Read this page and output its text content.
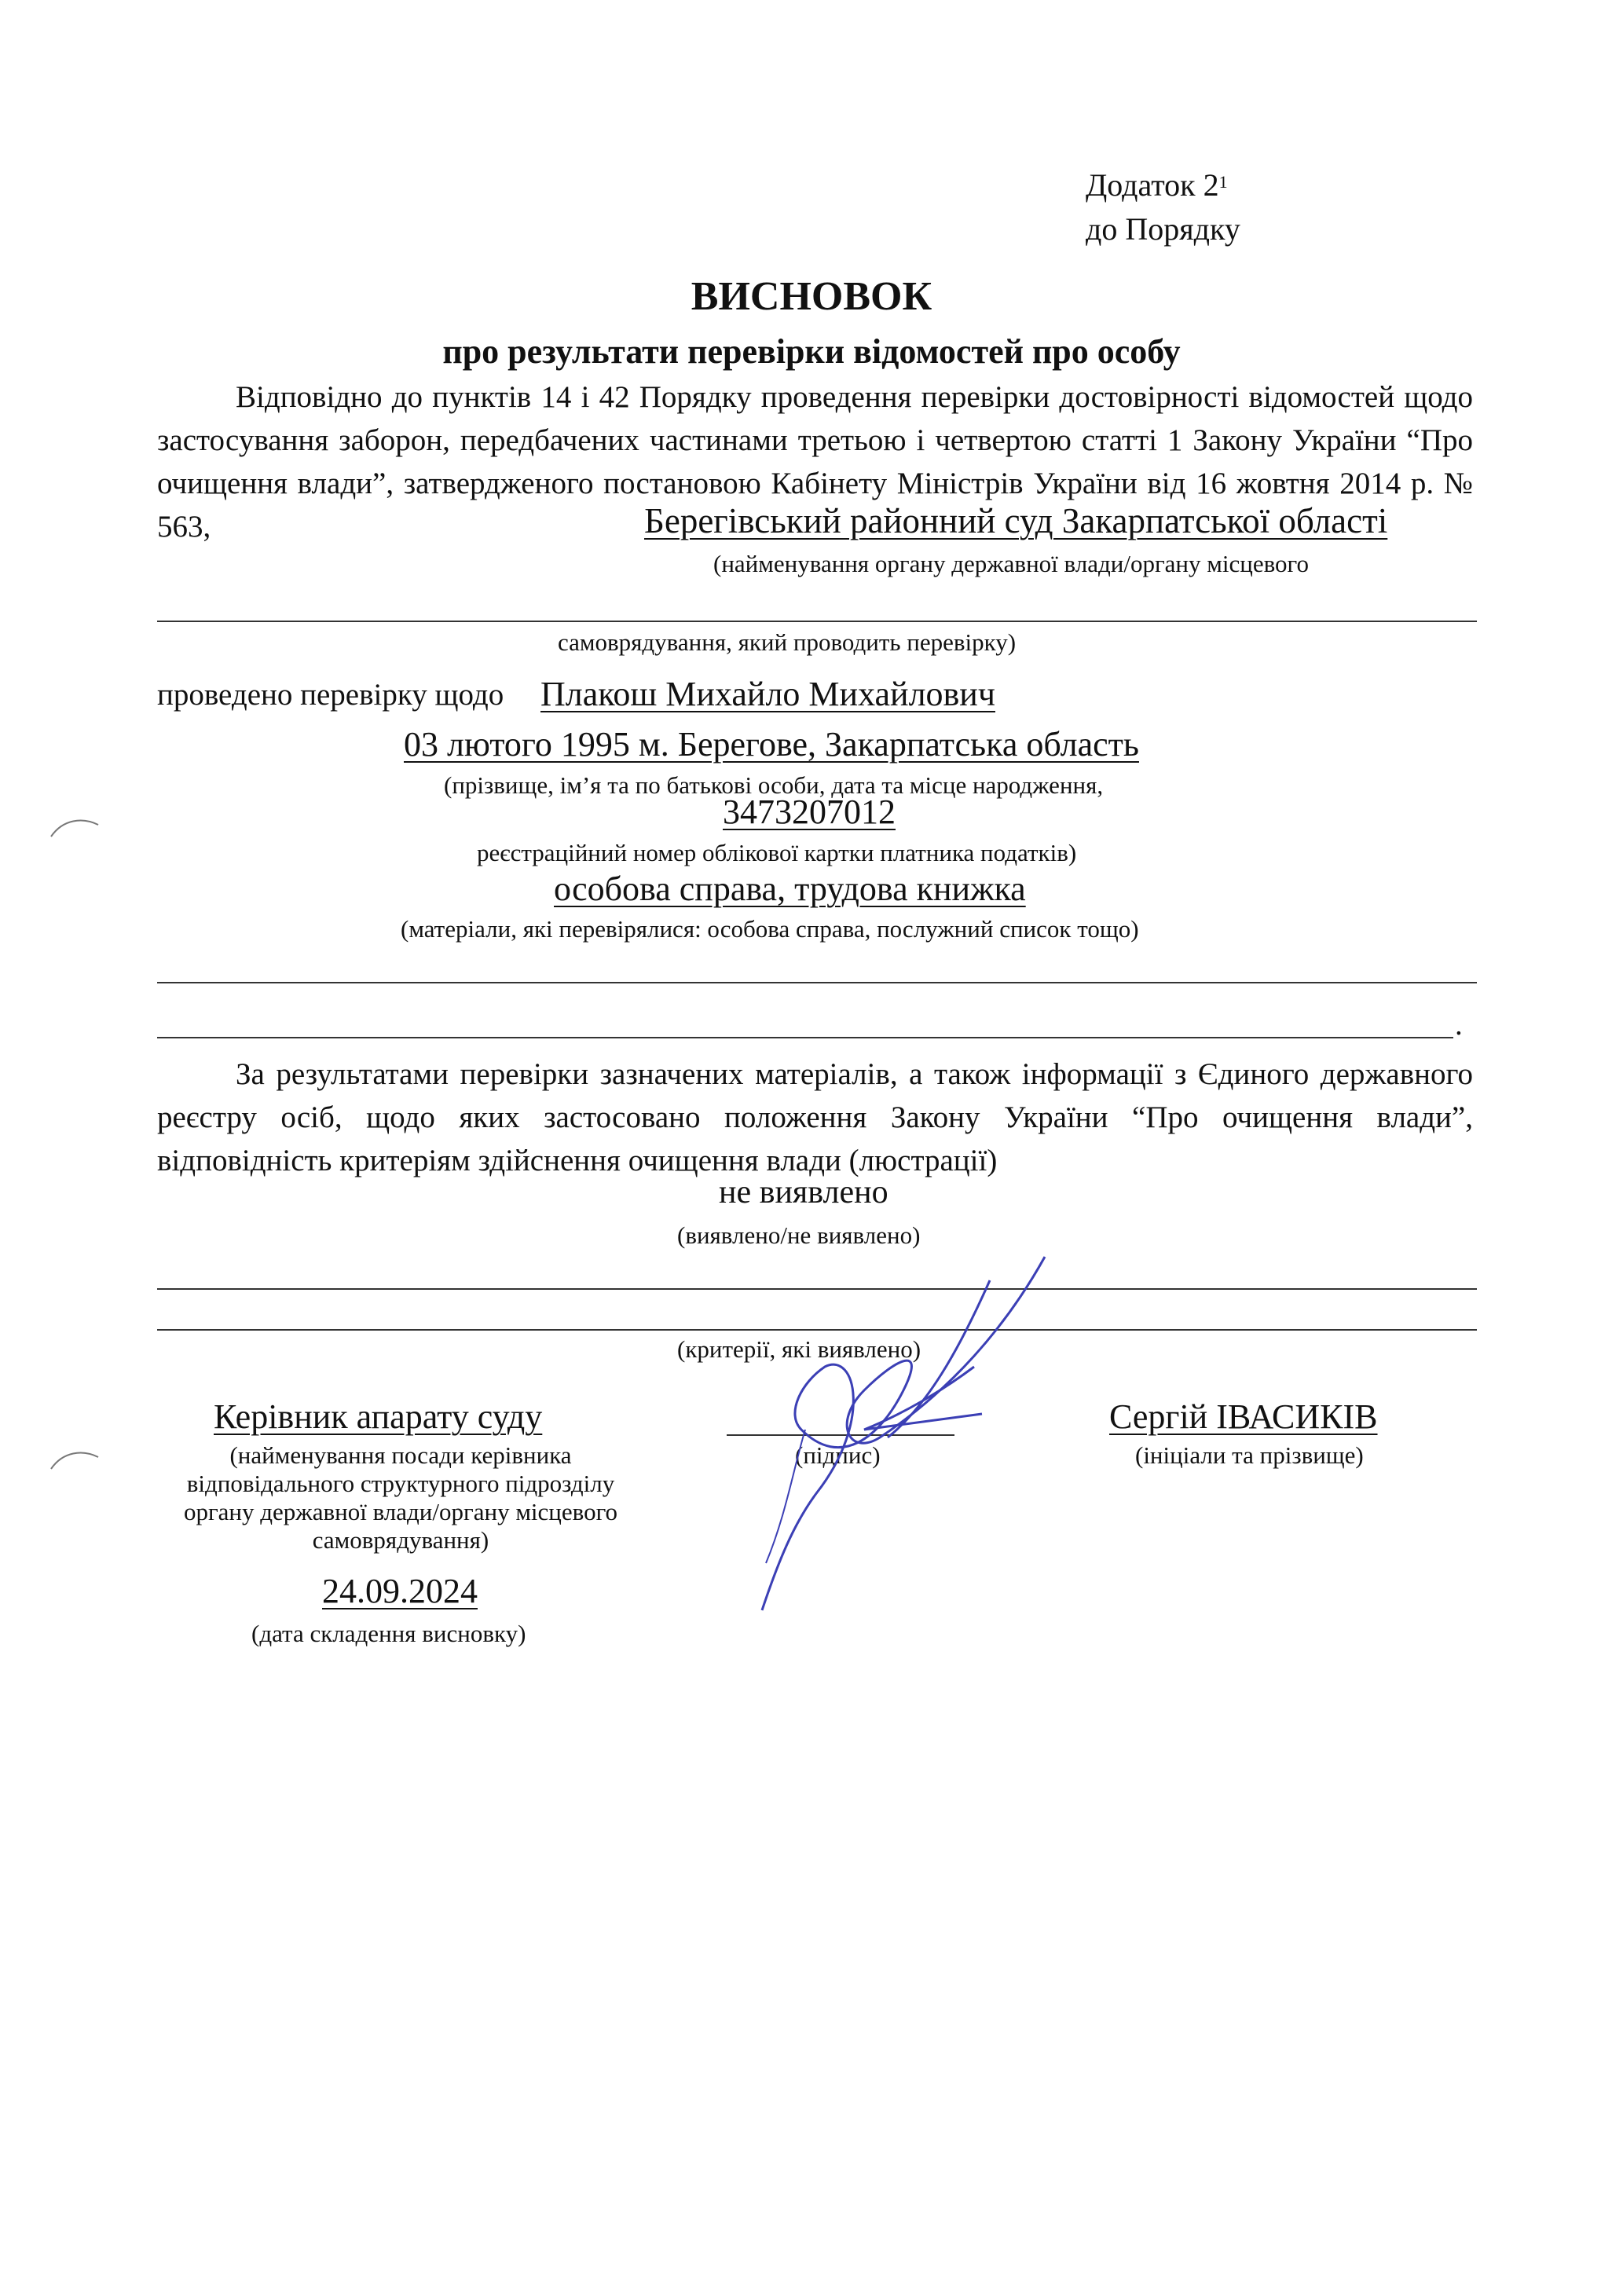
Додаток $2^1$
до Порядку
ВИСНОВОК
про результати перевірки відомостей про особу
Відповідно до пунктів 14 і 42 Порядку проведення перевірки достовірності відомостей щодо застосування заборон, передбачених частинами третьою і четвертою статті 1 Закону України “Про очищення влади”, затвердженого постановою Кабінету Міністрів України від 16 жовтня 2014 р. № 563,	Берегівський районний суд Закарпатської області
(найменування органу державної влади/органу місцевого
самоврядування, який проводить перевірку)
проведено перевірку щодо Плакош Михайло Михайлович
03 лютого 1995 м. Берегове, Закарпатська область
(прізвище, ім’я та по батькові особи, дата та місце народження,
3473207012
реєстраційний номер облікової картки платника податків)
особова справа, трудова книжка
(матеріали, які перевірялися: особова справа, послужний список тощо)
.
За результатами перевірки зазначених матеріалів, а також інформації з Єдиного державного реєстру осіб, щодо яких застосовано положення Закону України “Про очищення влади”, відповідність критеріям здійснення очищення влади (люстрації)
не виявлено
(виявлено/не виявлено)
(критерії, які виявлено)
Керівник апарату суду
(найменування посади керівника
відповідального структурного підрозділу
органу державної влади/органу місцевого
самоврядування)
(підпис)
Сергій ІВАСИКІВ
(ініціали та прізвище)
24.09.2024
(дата складення висновку)
